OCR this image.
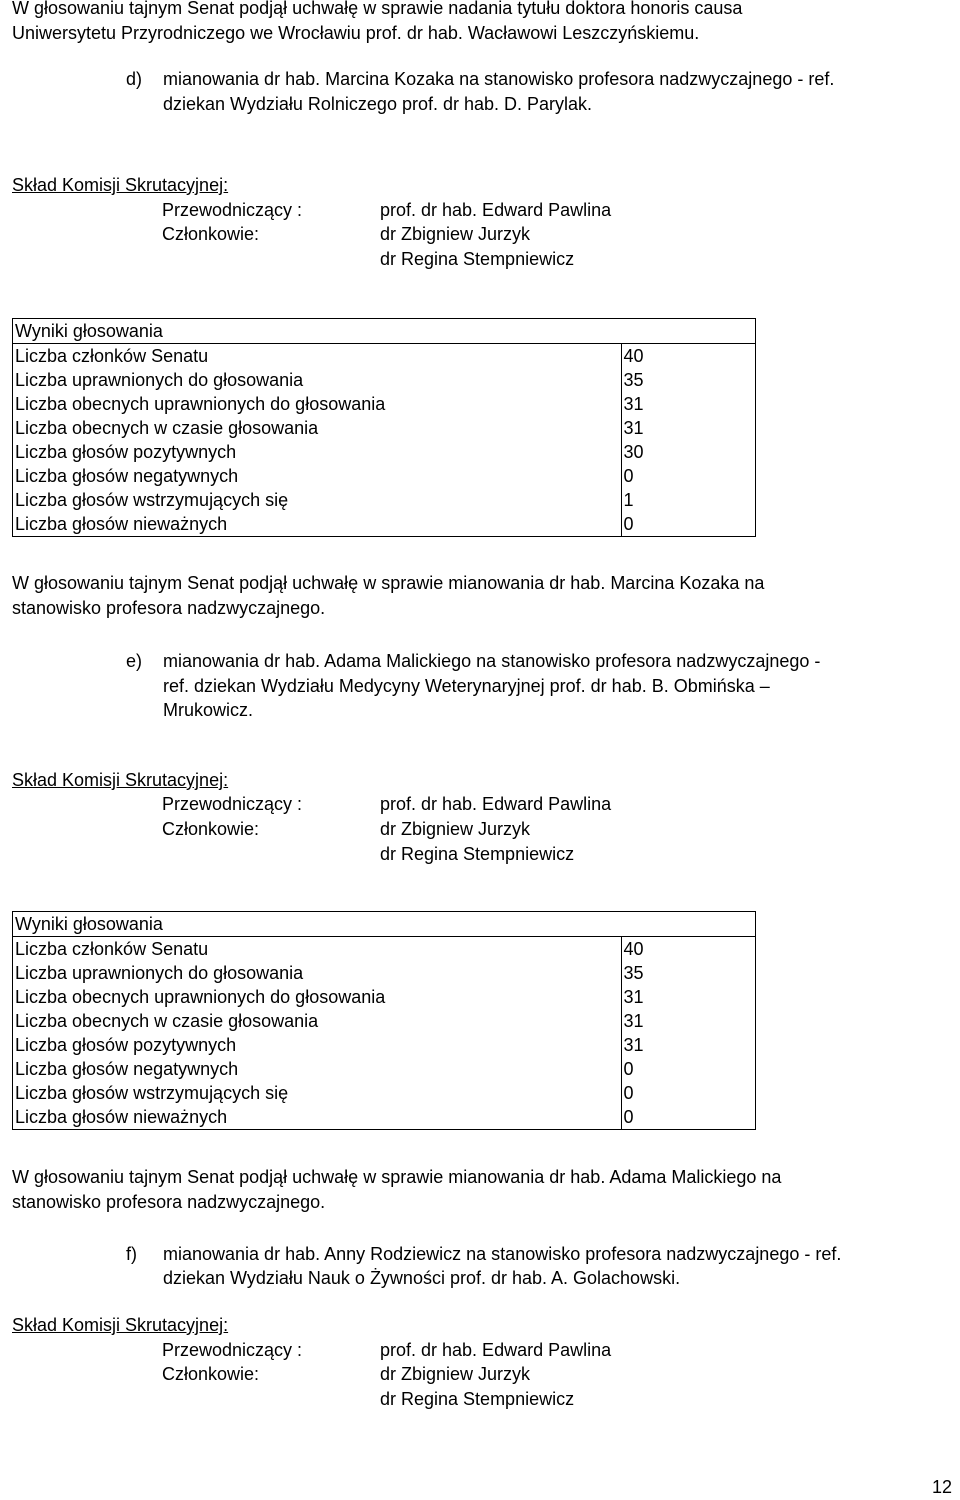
W głosowaniu tajnym Senat podjął uchwałę w sprawie nadania tytułu doktora honoris causa
Uniwersytetu Przyrodniczego we Wrocławiu prof. dr hab. Wacławowi Leszczyńskiemu.
d) mianowania dr hab. Marcina Kozaka na stanowisko profesora nadzwyczajnego - ref.
dziekan Wydziału Rolniczego prof. dr hab. D. Parylak.
Skład Komisji Skrutacyjnej:
Przewodniczący :	prof. dr hab. Edward Pawlina
Członkowie:	dr Zbigniew Jurzyk
dr Regina Stempniewicz
Wyniki głosowania	
Liczba członków Senatu	40
Liczba uprawnionych do głosowania	35
Liczba obecnych uprawnionych do głosowania	31
Liczba obecnych w czasie głosowania	31
Liczba głosów pozytywnych	30
Liczba głosów negatywnych	0
Liczba głosów wstrzymujących się	1
Liczba głosów nieważnych	0
W głosowaniu tajnym Senat podjął uchwałę w sprawie mianowania dr hab. Marcina Kozaka na
stanowisko profesora nadzwyczajnego.
e) mianowania dr hab. Adama Malickiego na stanowisko profesora nadzwyczajnego -
ref. dziekan Wydziału Medycyny Weterynaryjnej prof. dr hab. B. Obmińska –
Mrukowicz.
Skład Komisji Skrutacyjnej:
Przewodniczący :	prof. dr hab. Edward Pawlina
Członkowie:	dr Zbigniew Jurzyk
dr Regina Stempniewicz
Wyniki głosowania	
Liczba członków Senatu	40
Liczba uprawnionych do głosowania	35
Liczba obecnych uprawnionych do głosowania	31
Liczba obecnych w czasie głosowania	31
Liczba głosów pozytywnych	31
Liczba głosów negatywnych	0
Liczba głosów wstrzymujących się	0
Liczba głosów nieważnych	0
W głosowaniu tajnym Senat podjął uchwałę w sprawie mianowania dr hab. Adama Malickiego na
stanowisko profesora nadzwyczajnego.
f) mianowania dr hab. Anny Rodziewicz na stanowisko profesora nadzwyczajnego - ref.
dziekan Wydziału Nauk o Żywności prof. dr hab. A. Golachowski.
Skład Komisji Skrutacyjnej:
Przewodniczący :	prof. dr hab. Edward Pawlina
Członkowie:	dr Zbigniew Jurzyk
dr Regina Stempniewicz
12
